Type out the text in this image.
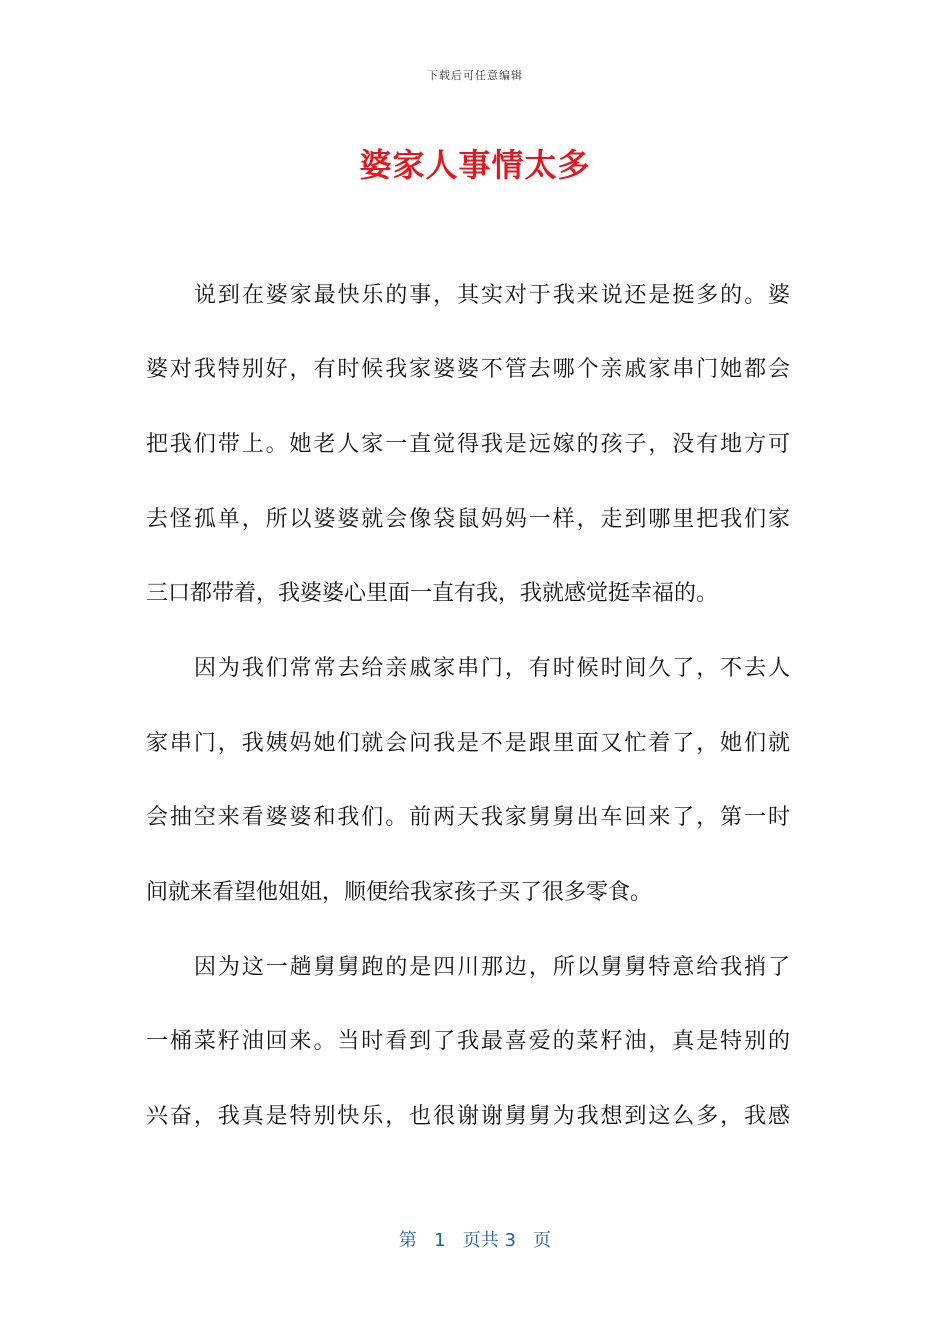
下载后可任意编辑
婆家人事情太多
说到在婆家最快乐的事，其实对于我来说还是挺多的。婆
婆对我特别好，有时候我家婆婆不管去哪个亲戚家串门她都会
把我们带上。她老人家一直觉得我是远嫁的孩子，没有地方可
去怪孤单，所以婆婆就会像袋鼠妈妈一样，走到哪里把我们家
三口都带着，我婆婆心里面一直有我，我就感觉挺幸福的。
因为我们常常去给亲戚家串门，有时候时间久了，不去人
家串门，我姨妈她们就会问我是不是跟里面又忙着了，她们就
会抽空来看婆婆和我们。前两天我家舅舅出车回来了，第一时
间就来看望他姐姐，顺便给我家孩子买了很多零食。
因为这一趟舅舅跑的是四川那边，所以舅舅特意给我捎了
一桶菜籽油回来。当时看到了我最喜爱的菜籽油，真是特别的
兴奋，我真是特别快乐，也很谢谢舅舅为我想到这么多，我感
第 1 页共 3 页
